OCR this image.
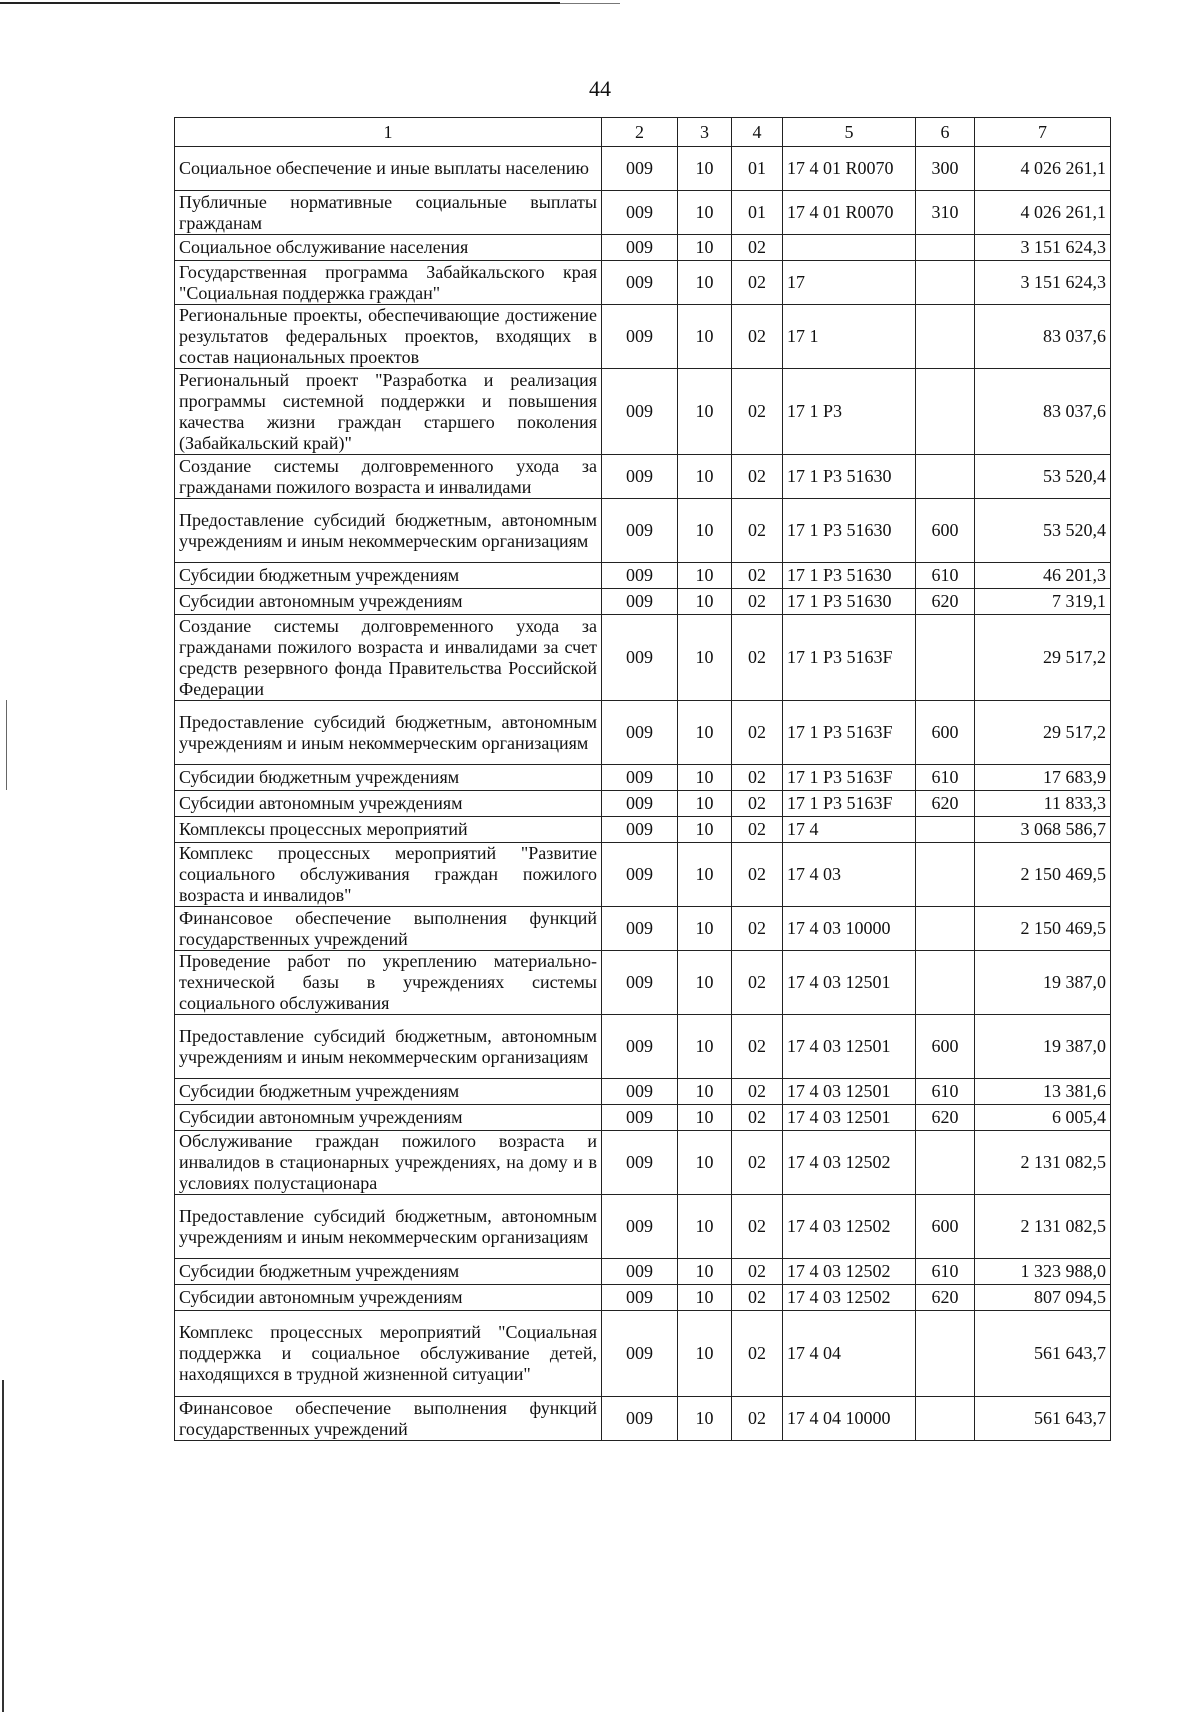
44
1	2	3	4	5	6	7
Социальное обеспечение и иные выплаты населению	009	10	01	17 4 01 R0070	300	4 026 261,1
Публичные нормативные социальные выплаты гражданам	009	10	01	17 4 01 R0070	310	4 026 261,1
Социальное обслуживание населения	009	10	02			3 151 624,3
Государственная программа Забайкальского края "Социальная поддержка граждан"	009	10	02	17		3 151 624,3
Региональные проекты, обеспечивающие достижение результатов федеральных проектов, входящих в состав национальных проектов	009	10	02	17 1		83 037,6
Региональный проект "Разработка и реализация программы системной поддержки и повышения качества жизни граждан старшего поколения (Забайкальский край)"	009	10	02	17 1 Р3		83 037,6
Создание системы долговременного ухода за гражданами пожилого возраста и инвалидами	009	10	02	17 1 Р3 51630		53 520,4
Предоставление субсидий бюджетным, автономным учреждениям и иным некоммерческим организациям	009	10	02	17 1 Р3 51630	600	53 520,4
Субсидии бюджетным учреждениям	009	10	02	17 1 Р3 51630	610	46 201,3
Субсидии автономным учреждениям	009	10	02	17 1 Р3 51630	620	7 319,1
Создание системы долговременного ухода за гражданами пожилого возраста и инвалидами за счет средств резервного фонда Правительства Российской Федерации	009	10	02	17 1 Р3 5163F		29 517,2
Предоставление субсидий бюджетным, автономным учреждениям и иным некоммерческим организациям	009	10	02	17 1 Р3 5163F	600	29 517,2
Субсидии бюджетным учреждениям	009	10	02	17 1 Р3 5163F	610	17 683,9
Субсидии автономным учреждениям	009	10	02	17 1 Р3 5163F	620	11 833,3
Комплексы процессных мероприятий	009	10	02	17 4		3 068 586,7
Комплекс процессных мероприятий "Развитие социального обслуживания граждан пожилого возраста и инвалидов"	009	10	02	17 4 03		2 150 469,5
Финансовое обеспечение выполнения функций государственных учреждений	009	10	02	17 4 03 10000		2 150 469,5
Проведение работ по укреплению материально-технической базы в учреждениях системы социального обслуживания	009	10	02	17 4 03 12501		19 387,0
Предоставление субсидий бюджетным, автономным учреждениям и иным некоммерческим организациям	009	10	02	17 4 03 12501	600	19 387,0
Субсидии бюджетным учреждениям	009	10	02	17 4 03 12501	610	13 381,6
Субсидии автономным учреждениям	009	10	02	17 4 03 12501	620	6 005,4
Обслуживание граждан пожилого возраста и инвалидов в стационарных учреждениях, на дому и в условиях полустационара	009	10	02	17 4 03 12502		2 131 082,5
Предоставление субсидий бюджетным, автономным учреждениям и иным некоммерческим организациям	009	10	02	17 4 03 12502	600	2 131 082,5
Субсидии бюджетным учреждениям	009	10	02	17 4 03 12502	610	1 323 988,0
Субсидии автономным учреждениям	009	10	02	17 4 03 12502	620	807 094,5
Комплекс процессных мероприятий "Социальная поддержка и социальное обслуживание детей, находящихся в трудной жизненной ситуации"	009	10	02	17 4 04		561 643,7
Финансовое обеспечение выполнения функций государственных учреждений	009	10	02	17 4 04 10000		561 643,7
